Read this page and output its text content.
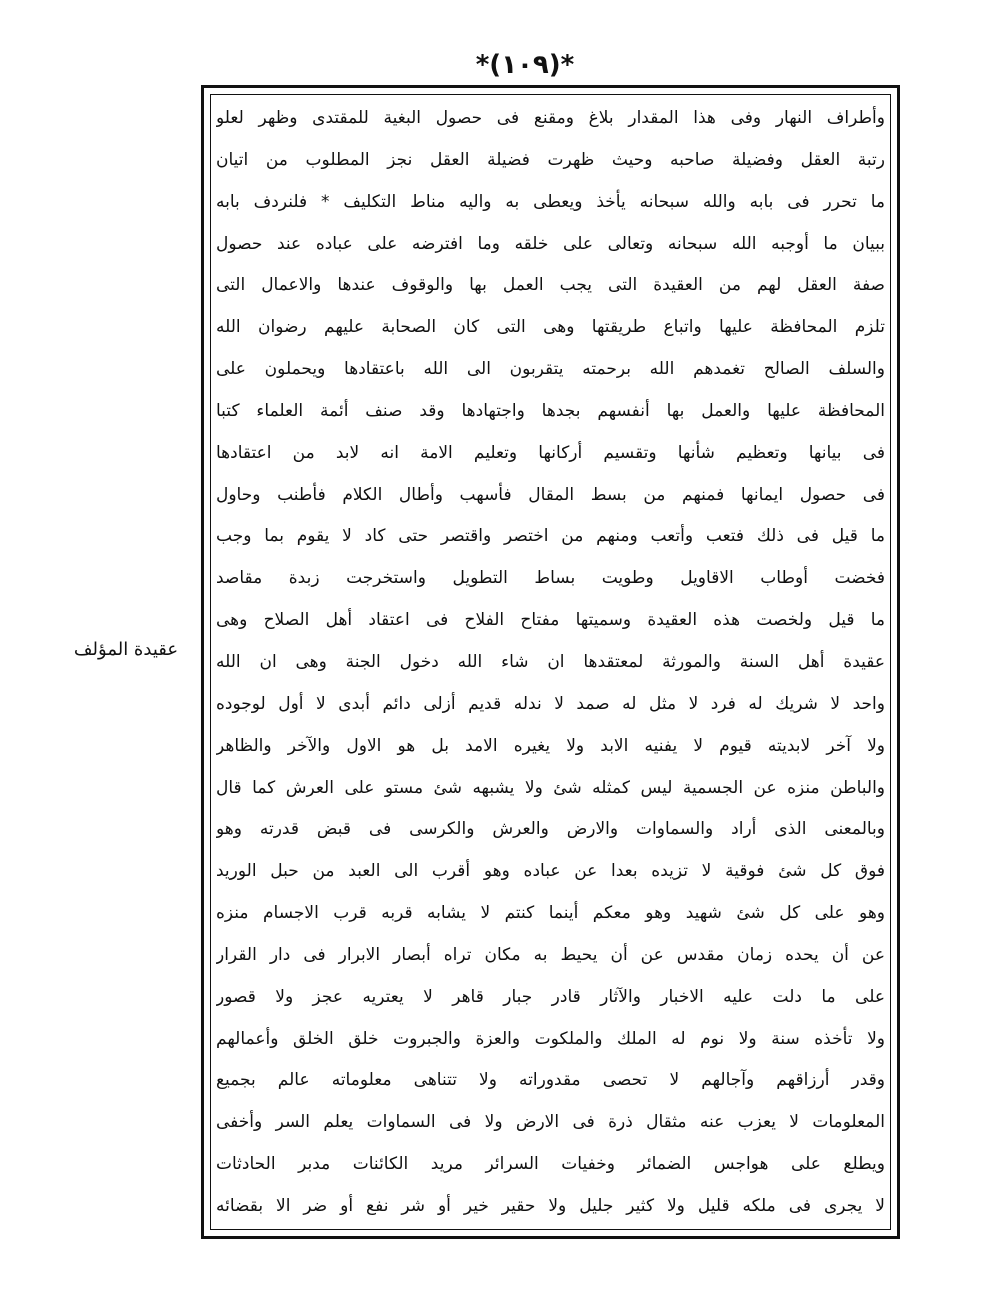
*(١٠٩)*
عقيدة المؤلف
وأطراف النهار وفى هذا المقدار بلاغ ومقنع فى حصول البغية للمقتدى وظهر لعلو
رتبة العقل وفضيلة صاحبه وحيث ظهرت فضيلة العقل نجز المطلوب من اتيان
ما تحرر فى بابه والله سبحانه يأخذ ويعطى به واليه مناط التكليف * فلنردف بابه
ببيان ما أوجبه الله سبحانه وتعالى على خلقه وما افترضه على عباده عند حصول
صفة العقل لهم من العقيدة التى يجب العمل بها والوقوف عندها والاعمال التى
تلزم المحافظة عليها واتباع طريقتها وهى التى كان الصحابة عليهم رضوان الله
والسلف الصالح تغمدهم الله برحمته يتقربون الى الله باعتقادها ويحملون على
المحافظة عليها والعمل بها أنفسهم بجدها واجتهادها وقد صنف أئمة العلماء كتبا
فى بيانها وتعظيم شأنها وتقسيم أركانها وتعليم الامة انه لابد من اعتقادها
فى حصول ايمانها فمنهم من بسط المقال فأسهب وأطال الكلام فأطنب وحاول
ما قيل فى ذلك فتعب وأتعب ومنهم من اختصر واقتصر حتى كاد لا يقوم بما وجب
فخضت أوطاب الاقاويل وطويت بساط التطويل واستخرجت زبدة مقاصد
ما قيل ولخصت هذه العقيدة وسميتها مفتاح الفلاح فى اعتقاد أهل الصلاح وهى
عقيدة أهل السنة والمورثة لمعتقدها ان شاء الله دخول الجنة وهى ان الله
واحد لا شريك له فرد لا مثل له صمد لا ندله قديم أزلى دائم أبدى لا أول لوجوده
ولا آخر لابديته قيوم لا يفنيه الابد ولا يغيره الامد بل هو الاول والآخر والظاهر
والباطن منزه عن الجسمية ليس كمثله شئ ولا يشبهه شئ مستو على العرش كما قال
وبالمعنى الذى أراد والسماوات والارض والعرش والكرسى فى قبض قدرته وهو
فوق كل شئ فوقية لا تزيده بعدا عن عباده وهو أقرب الى العبد من حبل الوريد
وهو على كل شئ شهيد وهو معكم أينما كنتم لا يشابه قربه قرب الاجسام منزه
عن أن يحده زمان مقدس عن أن يحيط به مكان تراه أبصار الابرار فى دار القرار
على ما دلت عليه الاخبار والآثار قادر جبار قاهر لا يعتريه عجز ولا قصور
ولا تأخذه سنة ولا نوم له الملك والملكوت والعزة والجبروت خلق الخلق وأعمالهم
وقدر أرزاقهم وآجالهم لا تحصى مقدوراته ولا تتناهى معلوماته عالم بجميع
المعلومات لا يعزب عنه مثقال ذرة فى الارض ولا فى السماوات يعلم السر وأخفى
ويطلع على هواجس الضمائر وخفيات السرائر مريد الكائنات مدبر الحادثات
لا يجرى فى ملكه قليل ولا كثير جليل ولا حقير خير أو شر نفع أو ضر الا بقضائه
